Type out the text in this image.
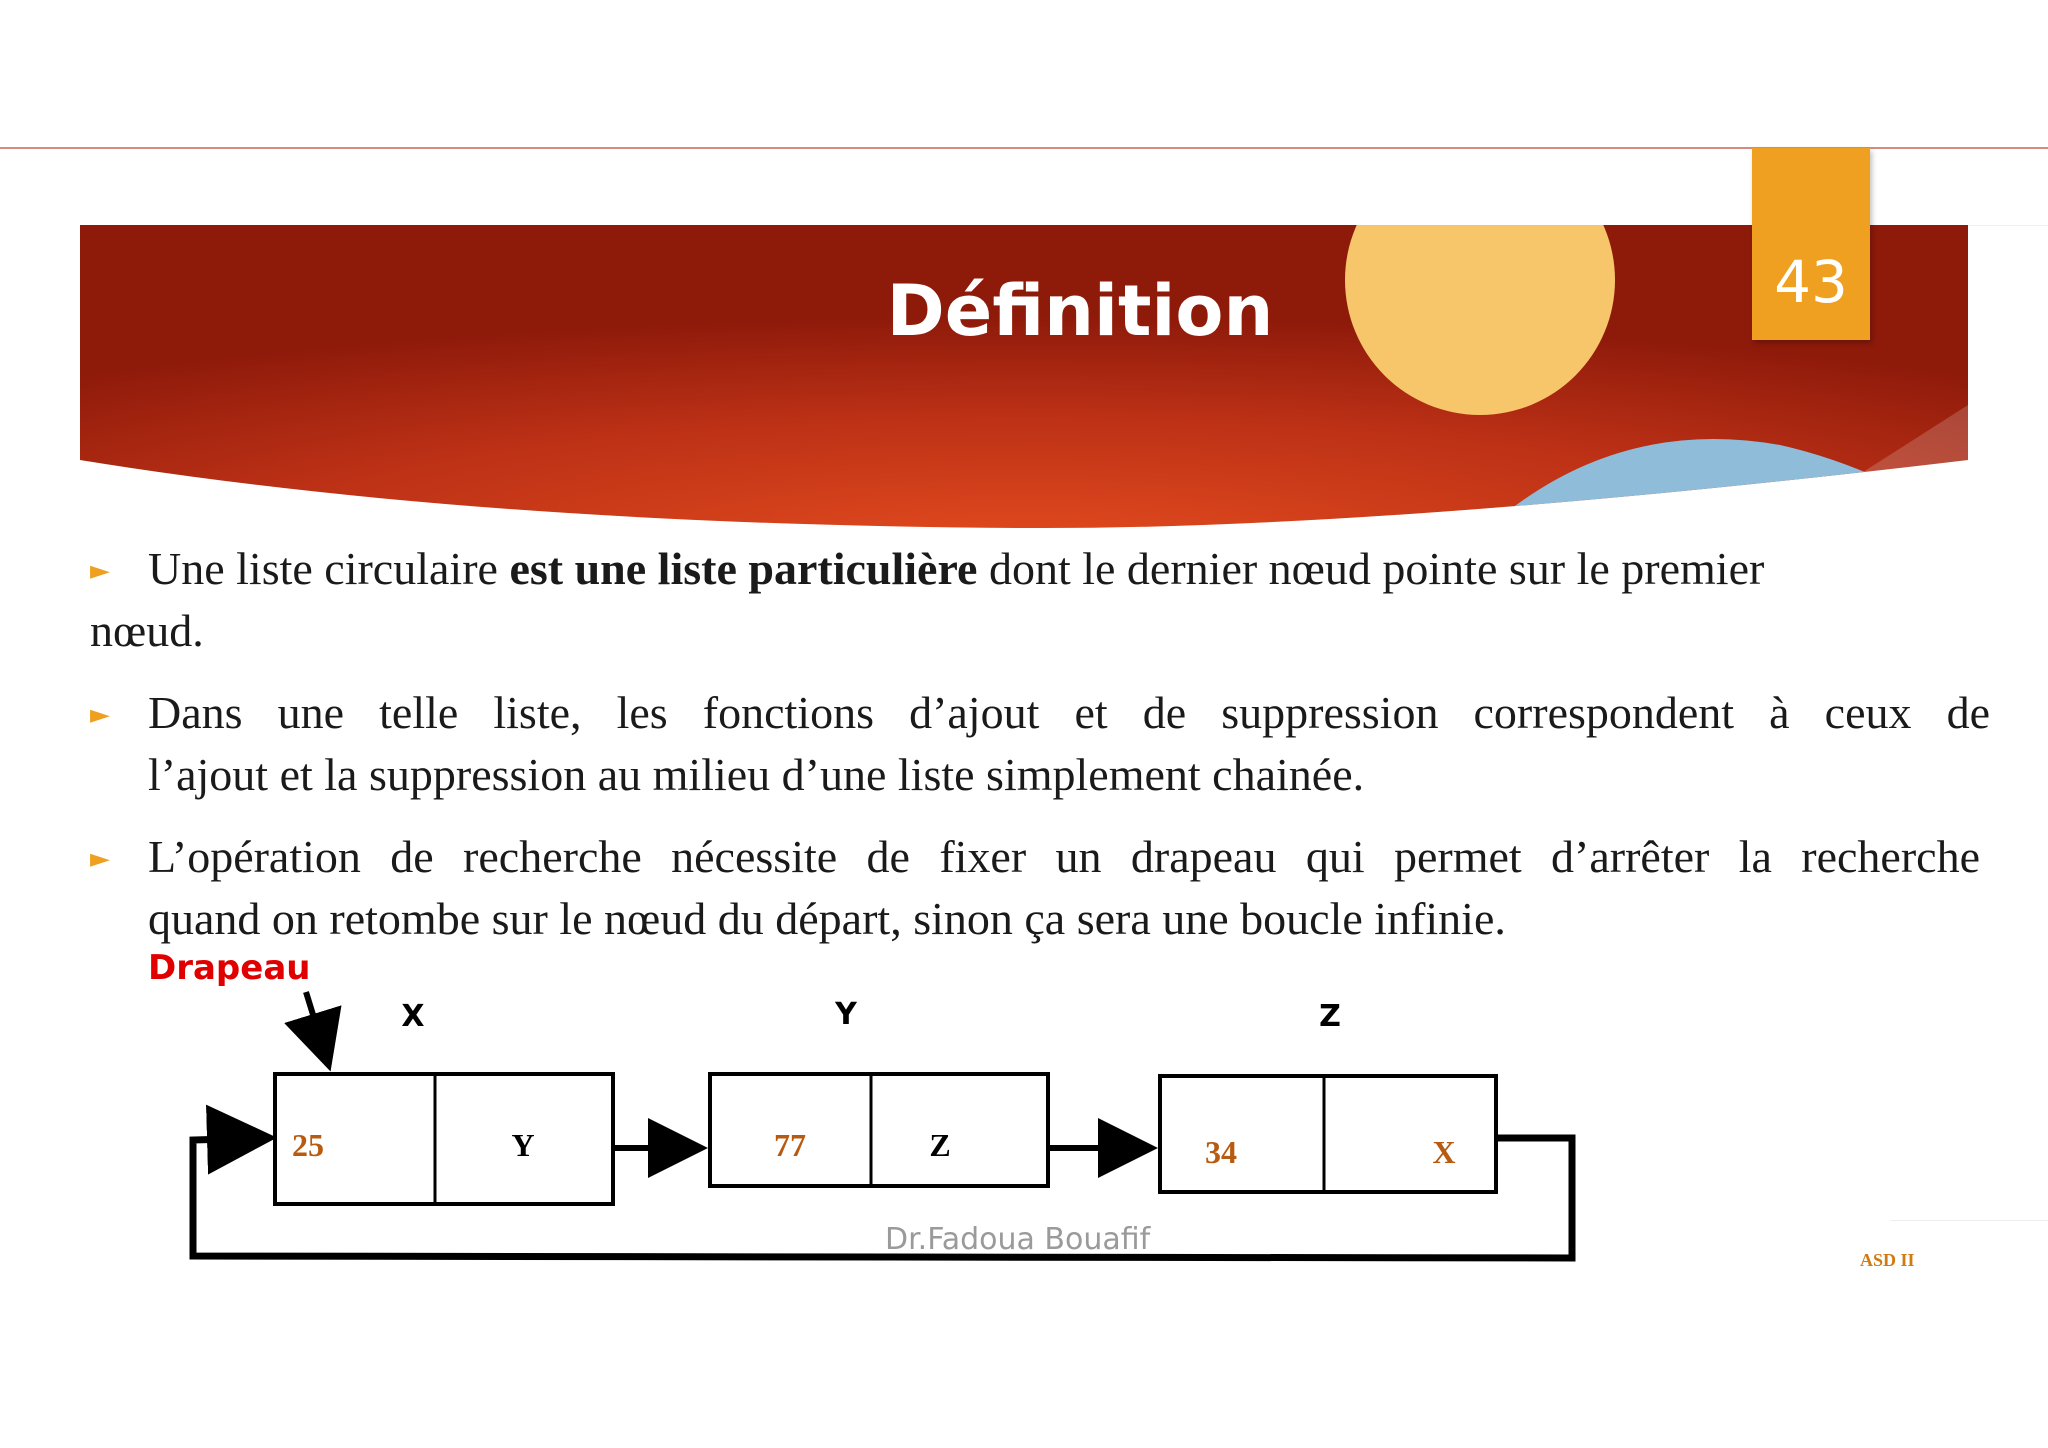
Définition	43
► Une liste circulaire est une liste particulière dont le dernier nœud pointe sur le premier
nœud.
► Dans une telle liste, les fonctions d’ajout et de suppression correspondent à ceux de
l’ajout et la suppression au milieu d’une liste simplement chainée.
► L’opération de recherche nécessite de fixer un drapeau qui permet d’arrêter la recherche
quand on retombe sur le nœud du départ, sinon ça sera une boucle infinie.
Drapeau
X	Y	Z
25	Y	77	Z	34	X
Dr.Fadoua Bouafif
ASD II
